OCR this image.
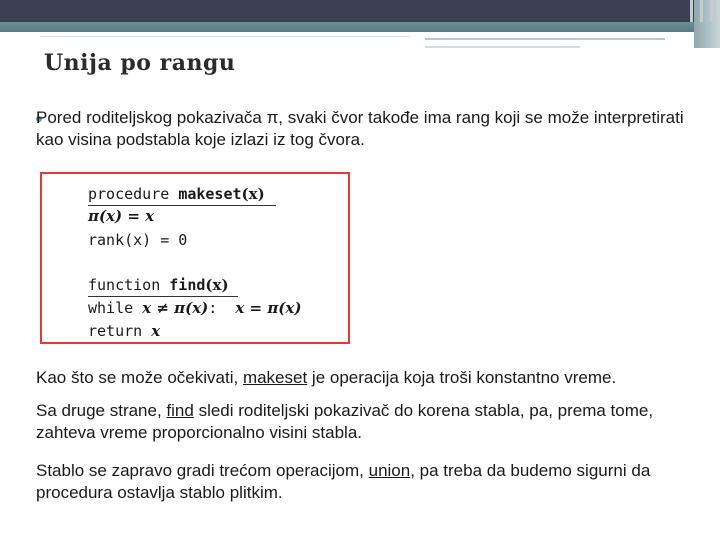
Unija po rangu
Pored roditeljskog pokazivača π, svaki čvor takođe ima rang koji se može interpretirati kao visina podstabla koje izlazi iz tog čvora.
procedure makeset(x)
π(x) = x
rank(x) = 0
function find(x)
while x ≠ π(x):  x = π(x)
return x
Kao što se može očekivati, makeset je operacija koja troši konstantno vreme.
Sa druge strane, find sledi roditeljski pokazivač do korena stabla, pa, prema tome, zahteva vreme proporcionalno visini stabla.
Stablo se zapravo gradi trećom operacijom, union, pa treba da budemo sigurni da procedura ostavlja stablo plitkim.
